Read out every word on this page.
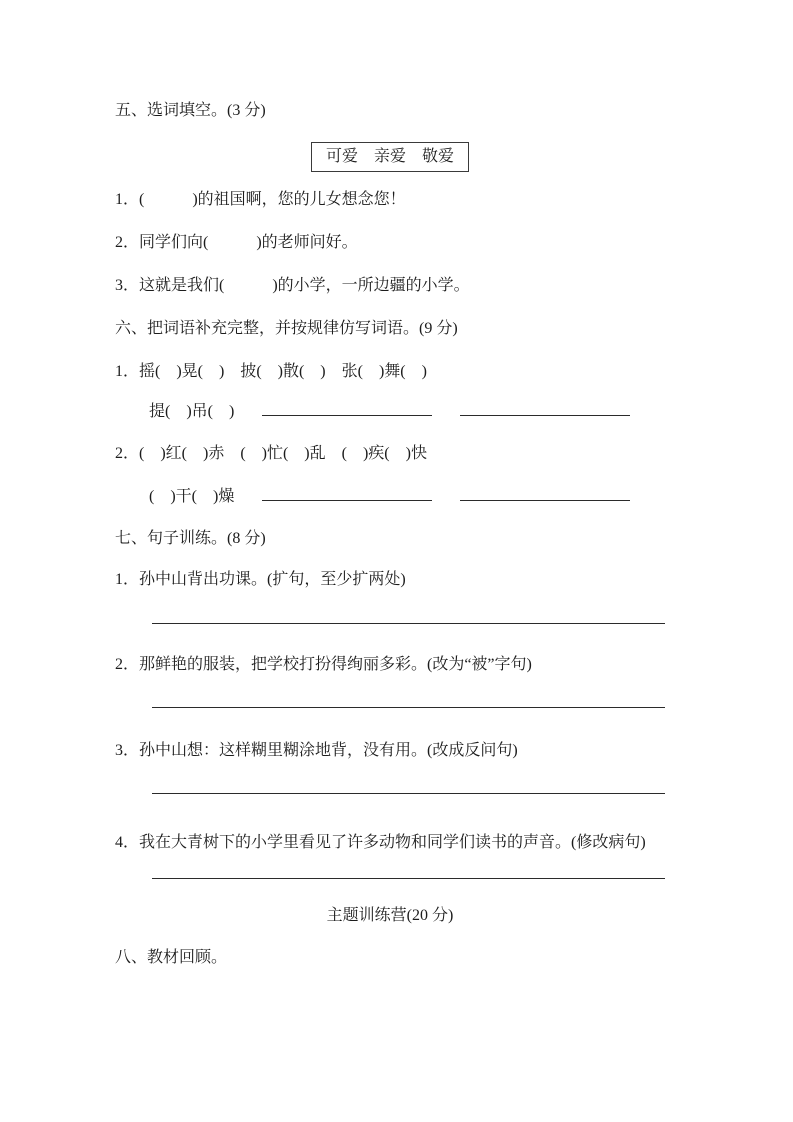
五、选词填空。(3 分)
可爱　亲爱　敬爱
1．(　　　)的祖国啊，您的儿女想念您！
2．同学们向(　　　)的老师问好。
3．这就是我们(　　　)的小学，一所边疆的小学。
六、把词语补充完整，并按规律仿写词语。(9 分)
1．摇(　)晃(　)　披(　)散(　)　张(　)舞(　)
提(　)吊(　)
2．(　)红(　)赤　(　)忙(　)乱　(　)疾(　)快
(　)干(　)燥
七、句子训练。(8 分)
1．孙中山背出功课。(扩句，至少扩两处)
2．那鲜艳的服装，把学校打扮得绚丽多彩。(改为“被”字句)
3．孙中山想：这样糊里糊涂地背，没有用。(改成反问句)
4．我在大青树下的小学里看见了许多动物和同学们读书的声音。(修改病句)
主题训练营(20 分)
八、教材回顾。
